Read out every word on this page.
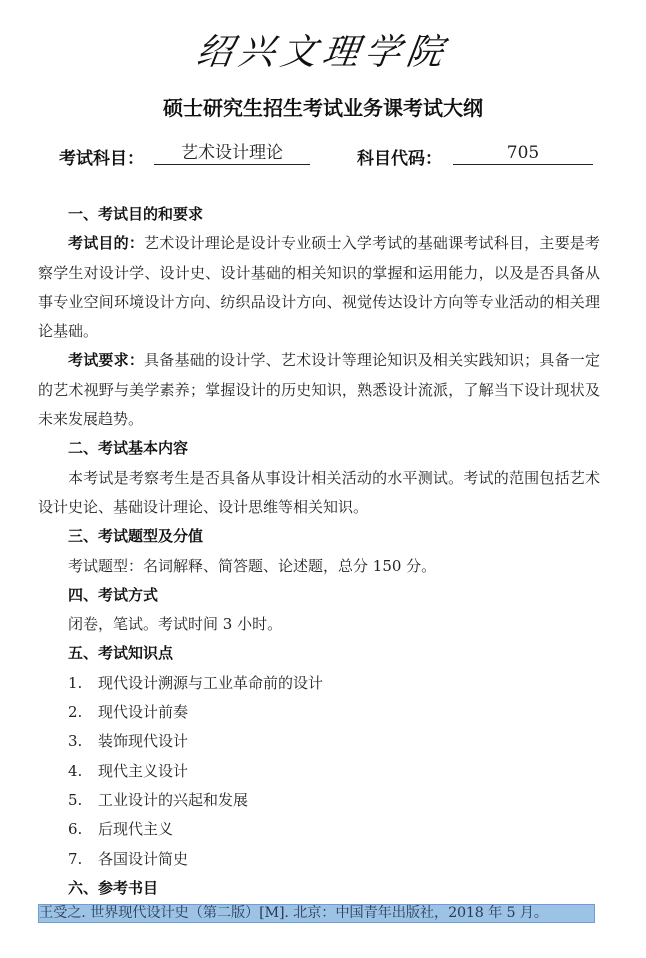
绍兴文理学院
硕士研究生招生考试业务课考试大纲
考试科目：	艺术设计理论	科目代码：	705
一、考试目的和要求
考试目的：艺术设计理论是设计专业硕士入学考试的基础课考试科目，主要是考察学生对设计学、设计史、设计基础的相关知识的掌握和运用能力，以及是否具备从事专业空间环境设计方向、纺织品设计方向、视觉传达设计方向等专业活动的相关理论基础。
考试要求：具备基础的设计学、艺术设计等理论知识及相关实践知识；具备一定的艺术视野与美学素养；掌握设计的历史知识，熟悉设计流派，了解当下设计现状及未来发展趋势。
二、考试基本内容
本考试是考察考生是否具备从事设计相关活动的水平测试。考试的范围包括艺术设计史论、基础设计理论、设计思维等相关知识。
三、考试题型及分值
考试题型：名词解释、简答题、论述题，总分 150 分。
四、考试方式
闭卷，笔试。考试时间 3 小时。
五、考试知识点
1. 现代设计溯源与工业革命前的设计
2. 现代设计前奏
3. 装饰现代设计
4. 现代主义设计
5. 工业设计的兴起和发展
6. 后现代主义
7. 各国设计简史
六、参考书目
王受之. 世界现代设计史（第二版）[M]. 北京：中国青年出版社，2018 年 5 月。
